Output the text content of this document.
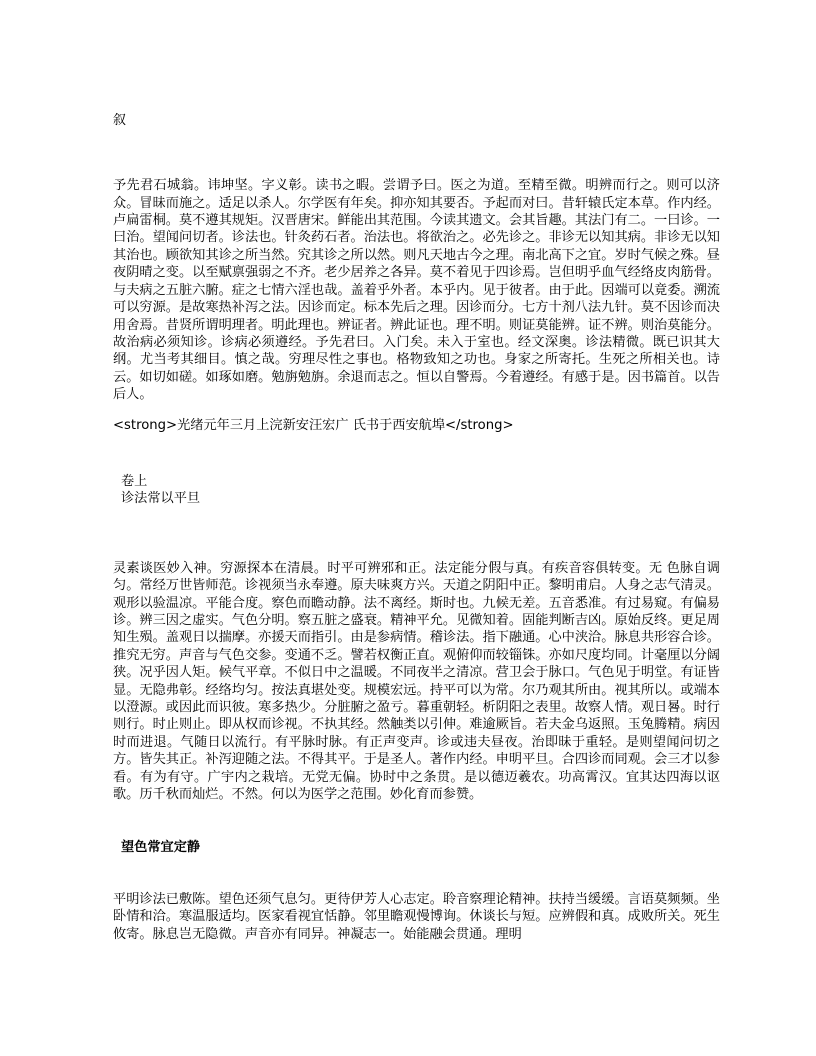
叙
予先君石城翁。讳坤坚。字义彰。读书之暇。尝谓予曰。医之为道。至精至微。明辨而行之。则可以济众。冒昧而施之。适足以杀人。尔学医有年矣。抑亦知其要否。予起而对曰。昔轩辕氏定本草。作内经。卢扁雷桐。莫不遵其规矩。汉晋唐宋。鲜能出其范围。今读其遗文。会其旨趣。其法门有二。一曰诊。一曰治。望闻问切者。诊法也。针灸药石者。治法也。将欲治之。必先诊之。非诊无以知其病。非诊无以知其治也。顾欲知其诊之所当然。究其诊之所以然。则凡天地古今之理。南北高下之宜。岁时气候之殊。昼夜阴晴之变。以至赋禀强弱之不齐。老少居养之各异。莫不着见于四诊焉。岂但明乎血气经络皮肉筋骨。与夫病之五脏六腑。症之七情六淫也哉。盖着乎外者。本乎内。见于彼者。由于此。因端可以竟委。溯流可以穷源。是故寒热补泻之法。因诊而定。标本先后之理。因诊而分。七方十剂八法九针。莫不因诊而决用舍焉。昔贤所谓明理者。明此理也。辨证者。辨此证也。理不明。则证莫能辨。证不辨。则治莫能分。故治病必须知诊。诊病必须遵经。予先君曰。入门矣。未入于室也。经文深奥。诊法精微。既已识其大纲。尤当考其细目。慎之哉。穷理尽性之事也。格物致知之功也。身家之所寄托。生死之所相关也。诗云。如切如磋。如琢如磨。勉旃勉旃。余退而志之。恒以自警焉。今着遵经。有感于是。因书篇首。以告后人。
<strong>光绪元年三月上浣新安汪宏广 氏书于西安航埠</strong>
卷上
诊法常以平旦
灵素谈医妙入神。穷源探本在清晨。时平可辨邪和正。法定能分假与真。有疾音容俱转变。无 色脉自调匀。常经万世皆师范。诊视须当永奉遵。原夫味爽方兴。天道之阴阳中正。黎明甫启。人身之志气清灵。观形以验温凉。平能合度。察色而瞻动静。法不离经。斯时也。九候无差。五音悉准。有过易窥。有偏易诊。辨三因之虚实。气色分明。察五脏之盛衰。精神平允。见微知着。固能判断吉凶。原始反终。更足周知生殒。盖观日以揣摩。亦援天而指引。由是参病情。稽诊法。指下融通。心中浃洽。脉息共形容合诊。推究无穷。声音与气色交参。变通不乏。譬若权衡正直。观俯仰而较锱铢。亦如尺度均同。计毫厘以分阔狭。况乎因人矩。候气平章。不似日中之温暖。不同夜半之清凉。营卫会于脉口。气色见于明堂。有证皆显。无隐弗彰。经络均匀。按法真堪处变。规模宏远。持平可以为常。尔乃观其所由。视其所以。或端本以澄源。或因此而识彼。寒多热少。分脏腑之盈亏。暮重朝轻。析阴阳之表里。故察人情。观日晷。时行则行。时止则止。即从权而诊视。不执其经。然触类以引伸。难逾厥旨。若夫金乌返照。玉兔腾精。病因时而进退。气随日以流行。有平脉时脉。有正声变声。诊或违夫昼夜。治即昧于重轻。是则望闻问切之方。皆失其正。补泻迎随之法。不得其平。于是圣人。著作内经。申明平旦。合四诊而同观。会三才以参看。有为有守。广宇内之栽培。无党无偏。协时中之条贯。是以德迈羲农。功高霄汉。宜其达四海以讴歌。历千秋而灿烂。不然。何以为医学之范围。妙化育而参赞。
望色常宜定静
平明诊法已敷陈。望色还须气息匀。更待伊芳人心志定。聆音察理论精神。扶持当缓缓。言语莫频频。坐卧情和洽。寒温服适均。医家看视宜恬静。邻里瞻观慢博询。休谈长与短。应辨假和真。成败所关。死生攸寄。脉息岂无隐微。声音亦有同异。神凝志一。始能融会贯通。理明
